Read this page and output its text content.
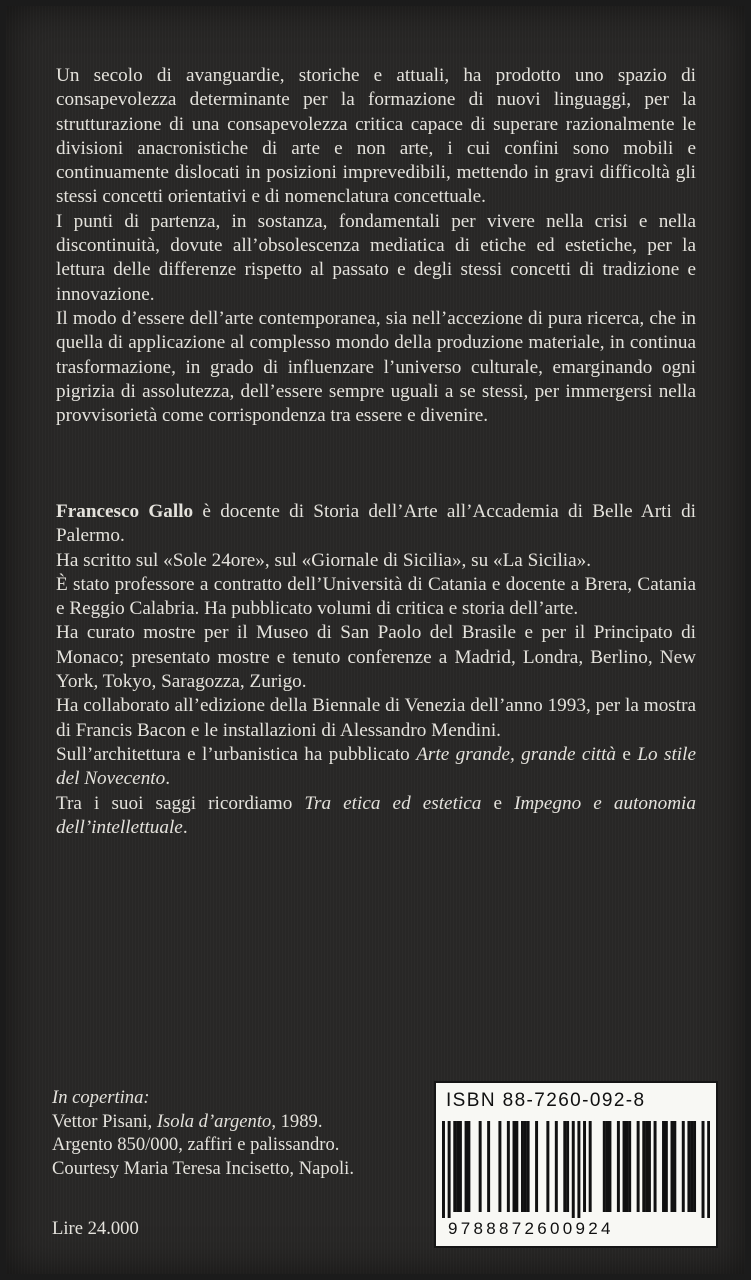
Un secolo di avanguardie, storiche e attuali, ha prodotto uno spazio di consapevolezza determinante per la formazione di nuovi linguaggi, per la strutturazione di una consapevolezza critica capace di superare razionalmente le divisioni anacronistiche di arte e non arte, i cui confini sono mobili e continuamente dislocati in posizioni imprevedibili, mettendo in gravi difficoltà gli stessi concetti orientativi e di nomenclatura concettuale.

I punti di partenza, in sostanza, fondamentali per vivere nella crisi e nella discontinuità, dovute all’obsolescenza mediatica di etiche ed estetiche, per la lettura delle differenze rispetto al passato e degli stessi concetti di tradizione e innovazione.

Il modo d’essere dell’arte contemporanea, sia nell’accezione di pura ricerca, che in quella di applicazione al complesso mondo della produzione materiale, in continua trasformazione, in grado di influenzare l’universo culturale, emarginando ogni pigrizia di assolutezza, dell’essere sempre uguali a se stessi, per immergersi nella provvisorietà come corrispondenza tra essere e divenire.

Francesco Gallo è docente di Storia dell’Arte all’Accademia di Belle Arti di Palermo.
Ha scritto sul «Sole 24ore», sul «Giornale di Sicilia», su «La Sicilia».
È stato professore a contratto dell’Università di Catania e docente a Brera, Catania e Reggio Calabria. Ha pubblicato volumi di critica e storia dell’arte.
Ha curato mostre per il Museo di San Paolo del Brasile e per il Principato di Monaco; presentato mostre e tenuto conferenze a Madrid, Londra, Berlino, New York, Tokyo, Saragozza, Zurigo.
Ha collaborato all’edizione della Biennale di Venezia dell’anno 1993, per la mostra di Francis Bacon e le installazioni di Alessandro Mendini.
Sull’architettura e l’urbanistica ha pubblicato Arte grande, grande città e Lo stile del Novecento.
Tra i suoi saggi ricordiamo Tra etica ed estetica e Impegno e autonomia dell’intellettuale.
In copertina:
Vettor Pisani, Isola d’argento, 1989.
Argento 850/000, zaffiri e palissandro.
Courtesy Maria Teresa Incisetto, Napoli.
Lire 24.000
ISBN 88-7260-092-8
9788872600924
